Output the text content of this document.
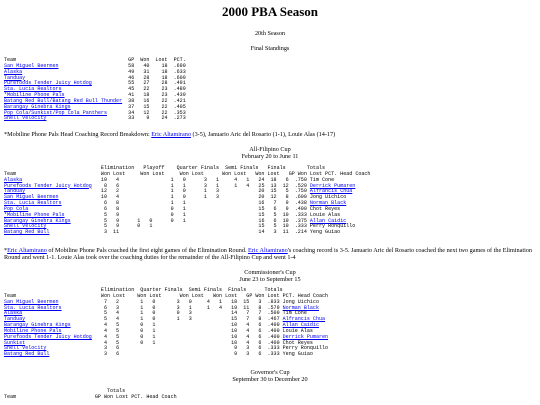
2000 PBA Season
20th Season
Final Standings
Team                                     GP  Won  Lost  PCT.
San Miguel Beermen                       58   40    18  .690
Alaska                                   49   31    18  .633
Tanduay                                  46   28    18  .609
Purefoods Tender Juicy Hotdog            55   27    28  .491
Sta. Lucia Realtors                      45   22    23  .489
*Mobiline Phone Pals                     41   18    23  .439
Batang Red Bull/Batang Red Bull Thunder  38   16    22  .421
Barangay Ginebra Kings                   37   15    22  .405
Pop Cola/Sunkist/Pop Cola Panthers       34   12    22  .353
Shell Velocity                           33    9    24  .273

*Mobiline Phone Pals Head Coaching Record Breakdown: Eric Altamirano (3-5), Januario Aric del Rosario (1-1), Louie Alas (14-17)
All-Filipino Cup
February 20 to June 11
Elimination   Playoff    Quarter Finals  Semi Finals   Finals       Totals
Team                            Won Lost     Won Lost     Won Lost      Won Lost   Won Lost   GP Won Lost PCT. Head Coach
Alaska                          10   4                 1   0      3   1     4   1   24  18   6  .750 Tim Cone
Purefoods Tender Juicy Hotdog    8   6                 1   1      3   1     1   4   25  13  12  .529 Derrick Pumaren
Tanduay                         12   2                 1   0      1   3             20  15   5  .750 Alfrancis Chua
San Miguel Beermen              10   4                 1   0      1   3             20  12   8  .600 Jong Uichico
Sta. Lucia Realtors              6   8                 1   1                        16   7   9  .438 Norman Black
Pop Cola                         6   8                 0   1                        15   6   9  .400 Chot Reyes
*Mobiline Phone Pals             5   9                 0   1                        15   5  10  .333 Louie Alas
Barangay Ginebra Kings           5   9      1   0      0   1                        16   6  10  .375 Allan Caidic
Shell Velocity                   5   9      0   1                                   15   5  10  .333 Perry Ronquillo
Batang Red Bull                  3  11                                              14   3  11  .214 Yeng Guiao

*Eric Altamirano of Mobiline Phone Pals coached the first eight games of the Elimination Round. Eric Altamirano's coaching record is 3-5. Januario Aric del Rosario coached the next two games of the Elimination Round and went 1-1. Louie Alas took over the coaching duties for the remainder of the All-Filipino Cup and went 1-4
Commissioner's Cup
June 23 to September 15
Elimination  Quarter Finals  Semi Finals  Finals      Totals
Team                            Won Lost    Won Lost      Won Lost   Won Lost   GP Won Lost PCT. Head Coach
San Miguel Beermen               7   2       1   0       3   0     4   1   18  15   3  .833 Jong Uichico
Sta. Lucia Realtors              6   3       1   0       3   1     1   4   19  11   8  .579 Norman Black
Alaska                           5   4       1   0       0   3             14   7   7  .500 Tim Cone
Tanduay                          5   4       1   0       1   3             15   7   8  .467 Alfrancis Chua
Barangay Ginebra Kings           4   5       0   1                         10   4   6  .400 Allan Caidic
Mobiline Phone Pals              4   5       0   1                         10   4   6  .400 Louie Alas
Purefoods Tender Juicy Hotdog    4   5       0   1                         10   4   6  .400 Derrick Pumaren
Sunkist                          4   5       0   1                         10   4   6  .400 Chot Reyes
Shell Velocity                   3   6                                      9   3   6  .333 Perry Ronquillo
Batang Red Bull                  3   6                                      9   3   6  .333 Yeng Guiao

Governor's Cup
September 30 to December 20
Totals
Team                          GP Won Lost PCT. Head Coach
